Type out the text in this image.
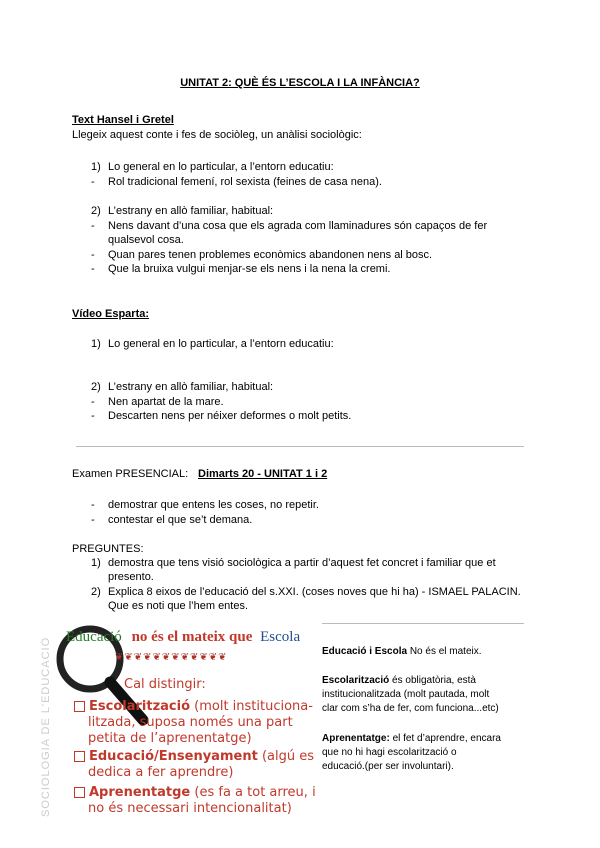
UNITAT 2: QUÈ ÉS L’ESCOLA I LA INFÀNCIA?
Text Hansel i Gretel
Llegeix aquest conte i fes de sociòleg, un anàlisi sociològic:
1) Lo general en lo particular, a l’entorn educatiu:
- Rol tradicional femení, rol sexista (feines de casa nena).
2) L’estrany en allò familiar, habitual:
- Nens davant d’una cosa que els agrada com llaminadures són capaços de fer
qualsevol cosa.
- Quan pares tenen problemes econòmics abandonen nens al bosc.
- Que la bruixa vulgui menjar-se els nens i la nena la cremi.
Vídeo Esparta:
1) Lo general en lo particular, a l’entorn educatiu:
2) L’estrany en allò familiar, habitual:
- Nen apartat de la mare.
- Descarten nens per néixer deformes o molt petits.
Examen PRESENCIAL: Dimarts 20 - UNITAT 1 i 2
- demostrar que entens les coses, no repetir.
- contestar el que se’t demana.
PREGUNTES:
1) demostra que tens visió sociològica a partir d’aquest fet concret i familiar que et
presento.
2) Explica 8 eixos de l’educació del s.XXI. (coses noves que hi ha) - ISMAEL PALACIN.
Que es noti que l’hem entes.
SOCIOLOGIA DE L'EDUCACIÓ Educació no és el mateix que Escola
❦❦❦❦❦❦❦❦❦❦❦❦
Cal distingir:
Escolarització (molt instituciona-
litzada, suposa només una part
petita de l’aprenentatge)
Educació/Ensenyament (algú es
dedica a fer aprendre)
Aprenentatge (es fa a tot arreu, i
no és necessari intencionalitat)
Educació i Escola No és el mateix.
Escolarització és obligatòria, està
institucionalitzada (molt pautada, molt
clar com s’ha de fer, com funciona...etc)
Aprenentatge: el fet d’aprendre, encara
que no hi hagi escolarització o
educació.(per ser involuntari).
